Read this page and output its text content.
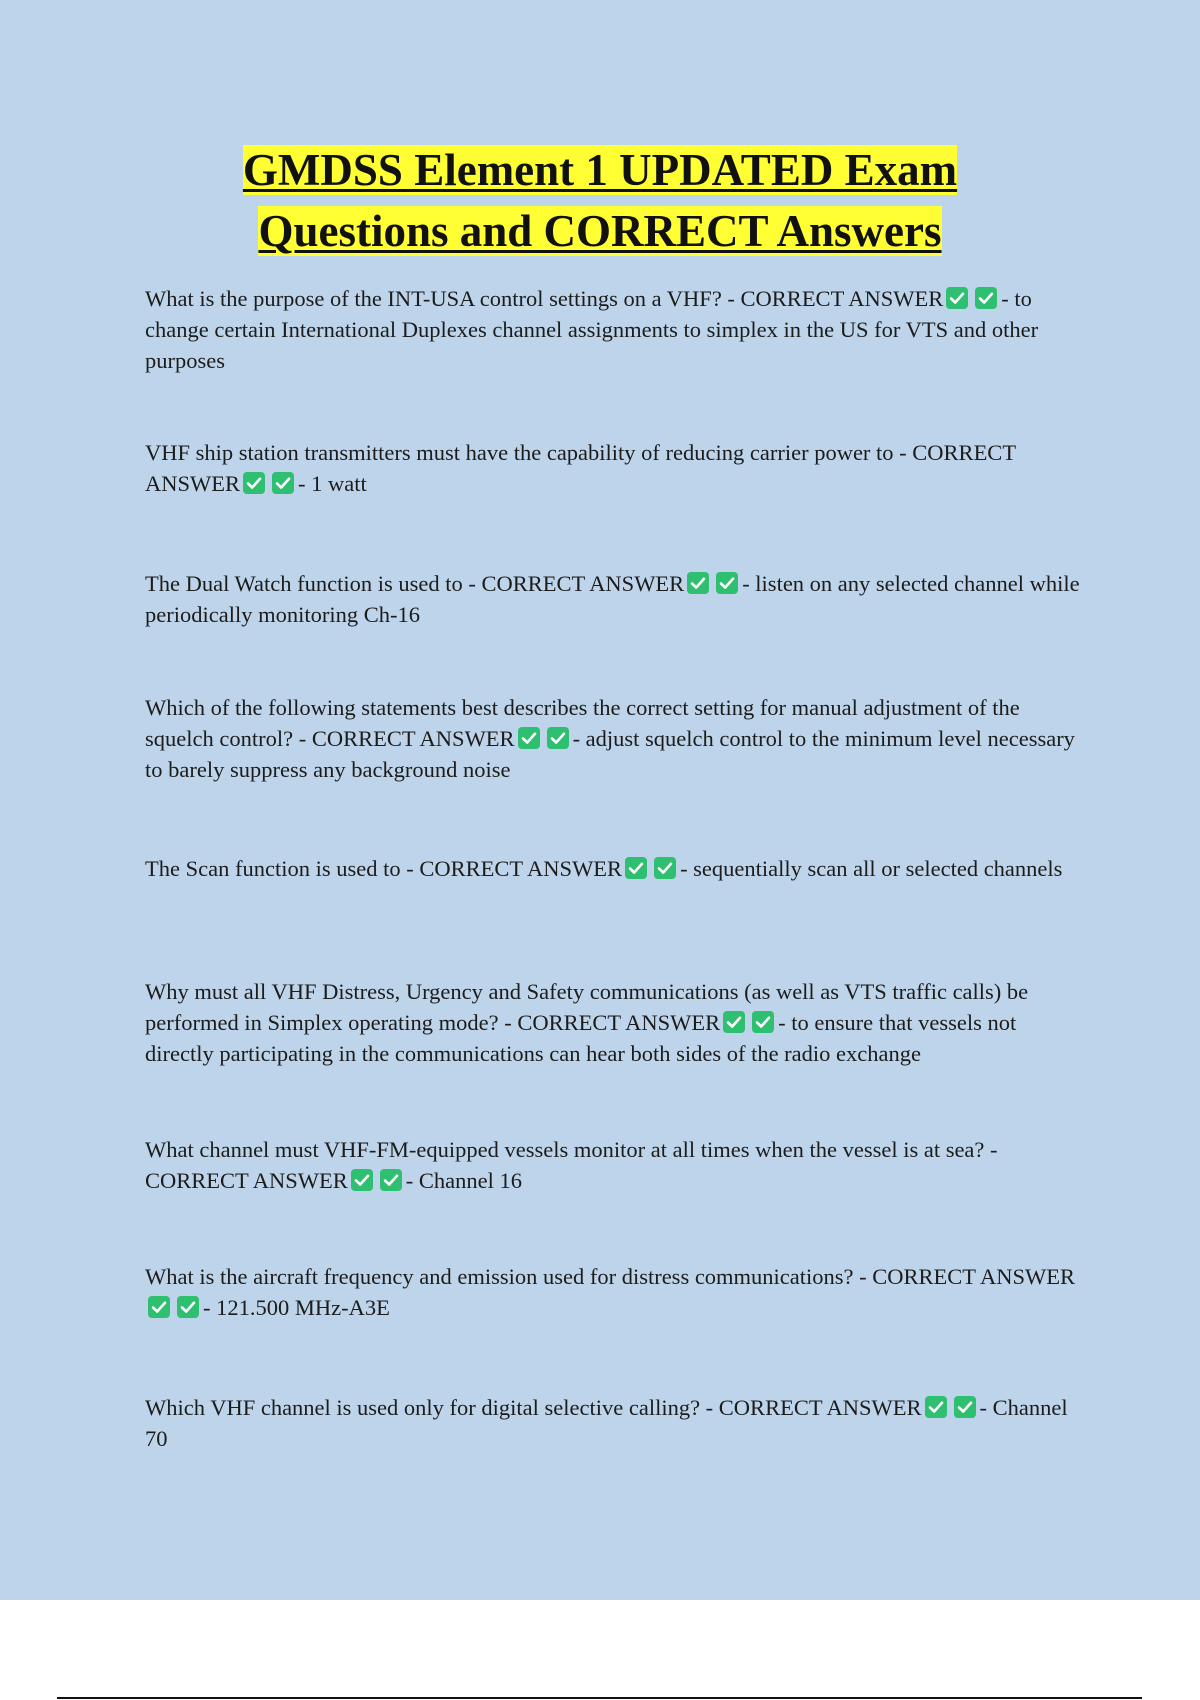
GMDSS Element 1 UPDATED Exam
Questions and CORRECT Answers
What is the purpose of the INT-USA control settings on a VHF? - CORRECT ANSWER	- to change certain International Duplexes channel assignments to simplex in the US for VTS and other purposes
VHF ship station transmitters must have the capability of reducing carrier power to - CORRECT ANSWER	- 1 watt
The Dual Watch function is used to - CORRECT ANSWER	- listen on any selected channel while periodically monitoring Ch-16
Which of the following statements best describes the correct setting for manual adjustment of the squelch control? - CORRECT ANSWER	- adjust squelch control to the minimum level necessary to barely suppress any background noise
The Scan function is used to - CORRECT ANSWER	- sequentially scan all or selected channels
Why must all VHF Distress, Urgency and Safety communications (as well as VTS traffic calls) be performed in Simplex operating mode? - CORRECT ANSWER	- to ensure that vessels not directly participating in the communications can hear both sides of the radio exchange
What channel must VHF-FM-equipped vessels monitor at all times when the vessel is at sea? - CORRECT ANSWER	- Channel 16
What is the aircraft frequency and emission used for distress communications? - CORRECT ANSWER
- 121.500 MHz-A3E
Which VHF channel is used only for digital selective calling? - CORRECT ANSWER	- Channel 70
